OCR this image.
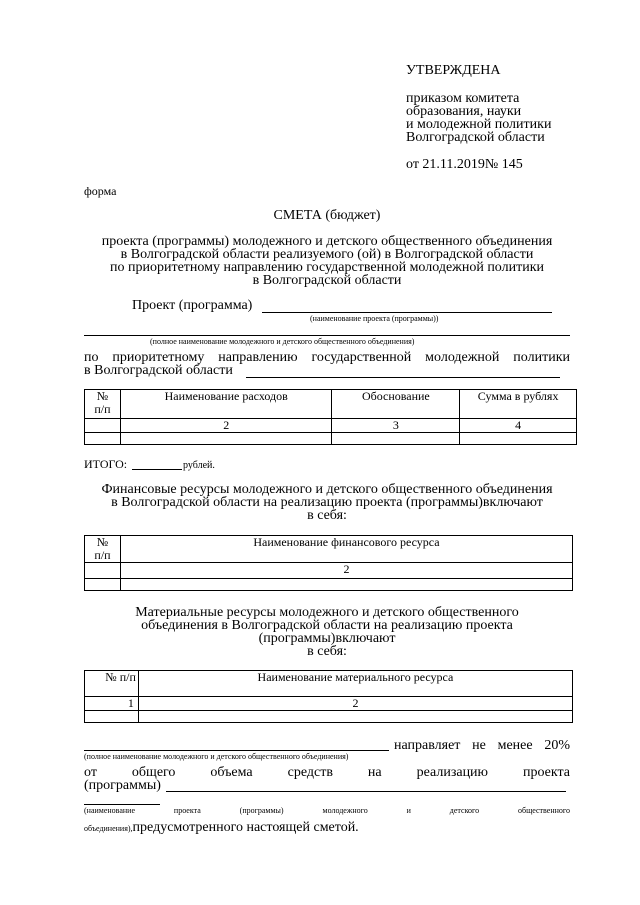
УТВЕРЖДЕНА
приказом комитета
образования, науки
и молодежной политики
Волгоградской области
от 21.11.2019№ 145
форма
СМЕТА (бюджет)
проекта (программы) молодежного и детского общественного объединения
в Волгоградской области реализуемого (ой) в Волгоградской области
по приоритетному направлению государственной молодежной политики
в Волгоградской области
Проект (программа)
(наименование проекта (программы))
(полное наименование молодежного и детского общественного объединения)
по приоритетному направлению государственной молодежной политики
в Волгоградской области
№ п/п	Наименование расходов	Обоснование	Сумма в рублях
	2	3	4

ИТОГО:	рублей.
Финансовые ресурсы молодежного и детского общественного объединения
в Волгоградской области на реализацию проекта (программы)включают
в себя:
№ п/п	Наименование финансового ресурса
	2

Материальные ресурсы молодежного и детского общественного
объединения в Волгоградской области на реализацию проекта
(программы)включают
в себя:
№ п/п	Наименование материального ресурса
1	2

направляет не менее 20%
(полное наименование молодежного и детского общественного объединения)
от общего объема средств на реализацию проекта
(программы)
(наименование	проекта	(программы)	молодежного	и	детского	общественного
объединения),предусмотренного настоящей сметой.
